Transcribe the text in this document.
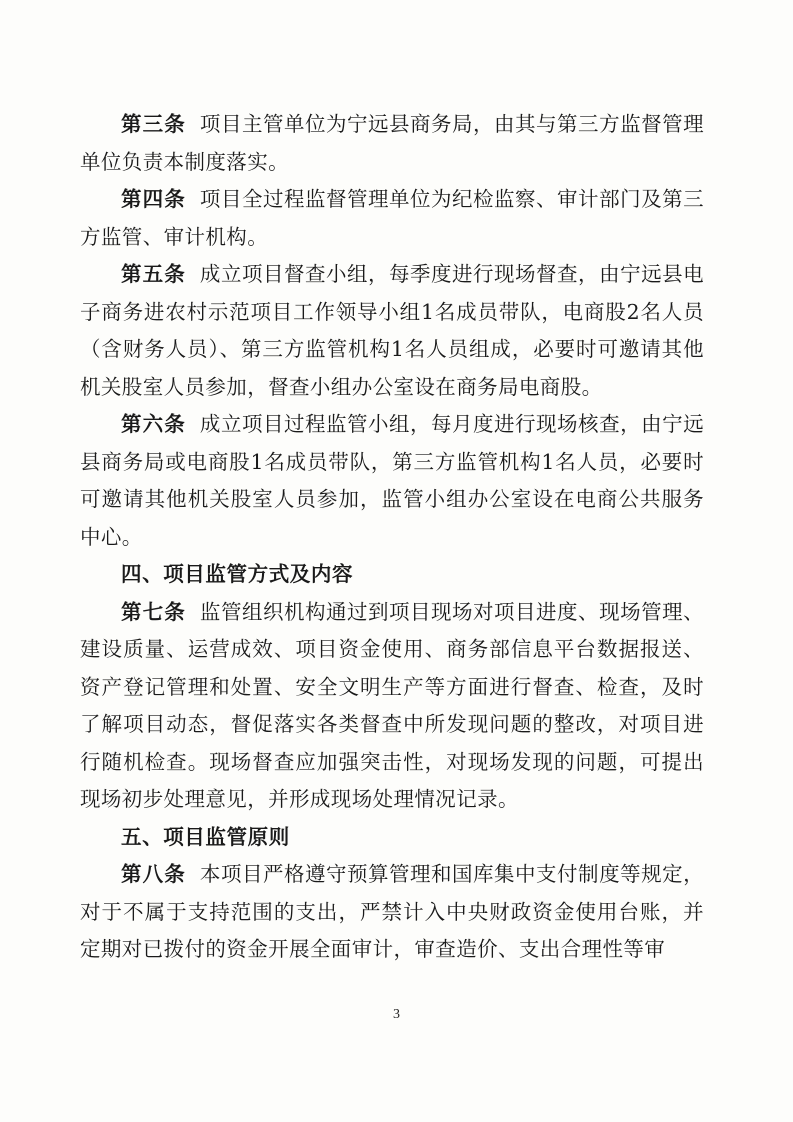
第三条 项目主管单位为宁远县商务局，由其与第三方监督管理单位负责本制度落实。

第四条 项目全过程监督管理单位为纪检监察、审计部门及第三方监管、审计机构。

第五条 成立项目督查小组，每季度进行现场督查，由宁远县电子商务进农村示范项目工作领导小组1名成员带队，电商股2名人员（含财务人员）、第三方监管机构1名人员组成，必要时可邀请其他机关股室人员参加，督查小组办公室设在商务局电商股。

第六条 成立项目过程监管小组，每月度进行现场核查，由宁远县商务局或电商股1名成员带队，第三方监管机构1名人员，必要时可邀请其他机关股室人员参加，监管小组办公室设在电商公共服务中心。

四、项目监管方式及内容

第七条 监管组织机构通过到项目现场对项目进度、现场管理、建设质量、运营成效、项目资金使用、商务部信息平台数据报送、资产登记管理和处置、安全文明生产等方面进行督查、检查，及时了解项目动态，督促落实各类督查中所发现问题的整改，对项目进行随机检查。现场督查应加强突击性，对现场发现的问题，可提出现场初步处理意见，并形成现场处理情况记录。

五、项目监管原则

第八条 本项目严格遵守预算管理和国库集中支付制度等规定，对于不属于支持范围的支出，严禁计入中央财政资金使用台账，并定期对已拨付的资金开展全面审计，审查造价、支出合理性等审

3
